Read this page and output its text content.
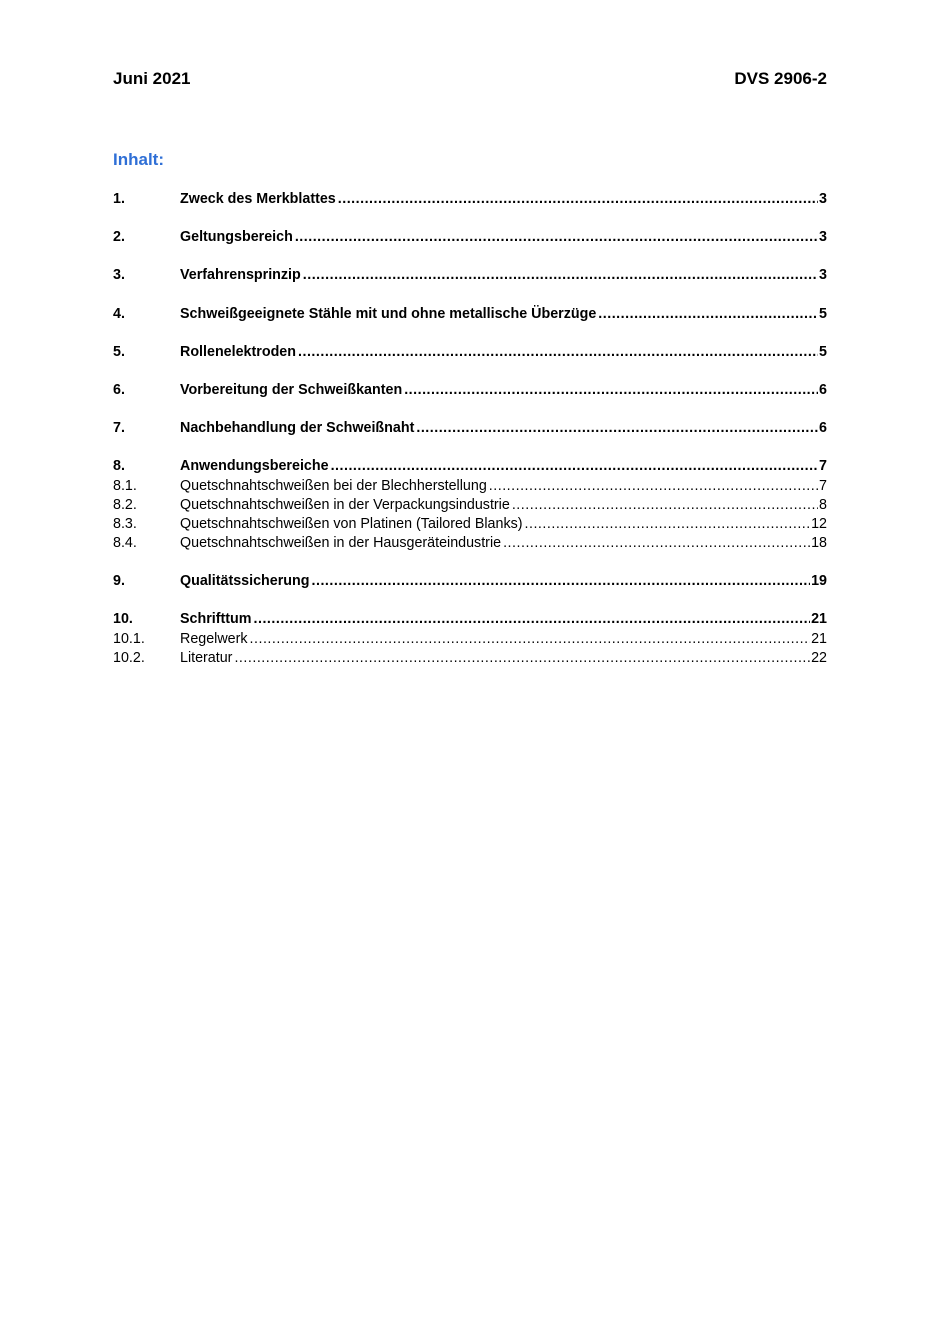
Juni 2021	DVS 2906-2
Inhalt:
1.	Zweck des Merkblattes .....	3
2.	Geltungsbereich .....	3
3.	Verfahrensprinzip .....	3
4.	Schweißgeeignete Stähle mit und ohne metallische Überzüge .....	5
5.	Rollenelektroden .....	5
6.	Vorbereitung der Schweißkanten .....	6
7.	Nachbehandlung der Schweißnaht .....	6
8.	Anwendungsbereiche .....	7
8.1.	Quetschnahtschweißen bei der Blechherstellung .....	7
8.2.	Quetschnahtschweißen in der Verpackungsindustrie .....	8
8.3.	Quetschnahtschweißen von Platinen (Tailored Blanks) .....	12
8.4.	Quetschnahtschweißen in der Hausgeräteindustrie .....	18
9.	Qualitätssicherung .....	19
10.	Schrifttum .....	21
10.1.	Regelwerk .....	21
10.2.	Literatur .....	22
